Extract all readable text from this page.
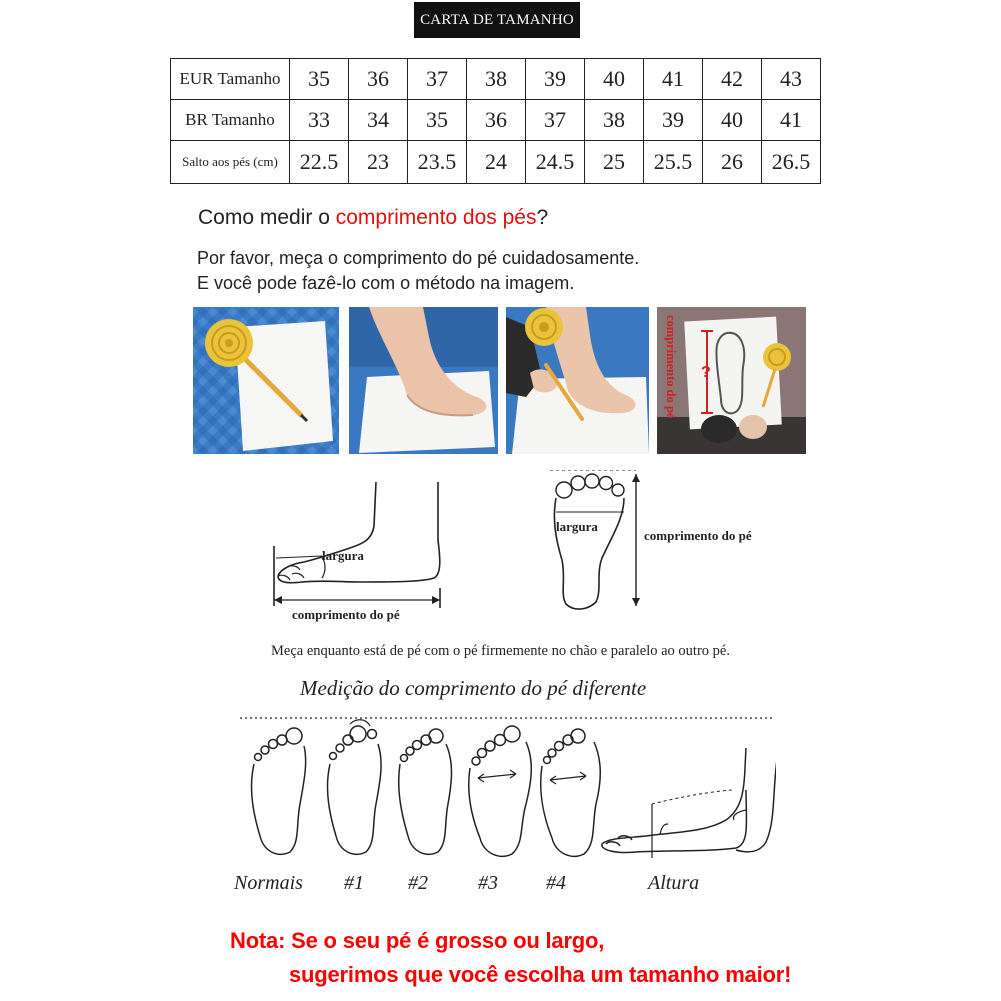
CARTA DE TAMANHO
EUR Tamanho	35	36	37	38	39	40	41	42	43
BR Tamanho	33	34	35	36	37	38	39	40	41
Salto aos pés (cm)	22.5	23	23.5	24	24.5	25	25.5	26	26.5
Como medir o comprimento dos pés?
Por favor, meça o comprimento do pé cuidadosamente.
E você pode fazê-lo com o método na imagem.
?
comprimento do pé
largura
comprimento do pé
largura
comprimento do pé
Meça enquanto está de pé com o pé firmemente no chão e paralelo ao outro pé.
Medição do comprimento do pé diferente
Normais #1 #2	#3 #4	Altura
Nota: Se o seu pé é grosso ou largo,
sugerimos que você escolha um tamanho maior!
